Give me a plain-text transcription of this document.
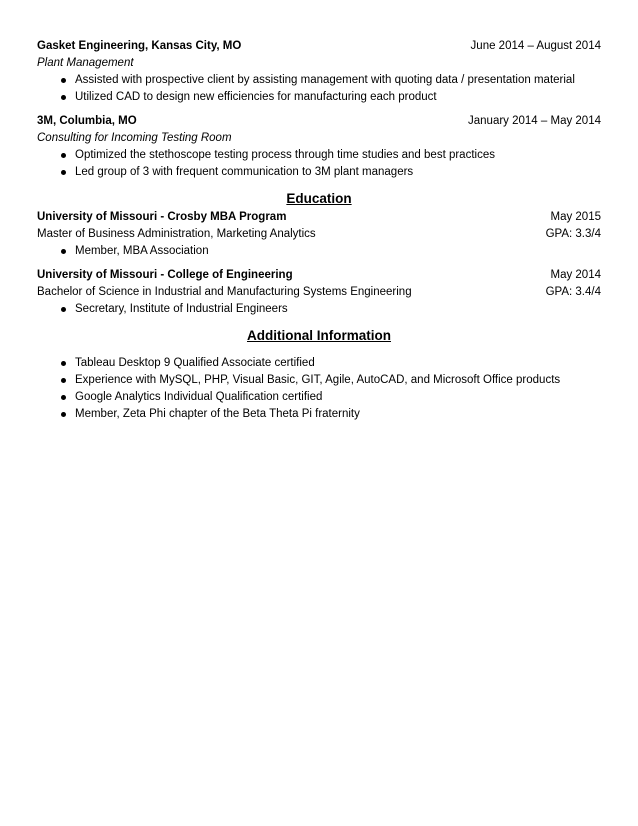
Gasket Engineering, Kansas City, MO	June 2014 – August 2014
Plant Management
Assisted with prospective client by assisting management with quoting data / presentation material
Utilized CAD to design new efficiencies for manufacturing each product
3M, Columbia, MO	January 2014 – May 2014
Consulting for Incoming Testing Room
Optimized the stethoscope testing process through time studies and best practices
Led group of 3 with frequent communication to 3M plant managers
Education
University of Missouri - Crosby MBA Program	May 2015
Master of Business Administration, Marketing Analytics	GPA: 3.3/4
Member, MBA Association
University of Missouri - College of Engineering	May 2014
Bachelor of Science in Industrial and Manufacturing Systems Engineering	GPA: 3.4/4
Secretary, Institute of Industrial Engineers
Additional Information
Tableau Desktop 9 Qualified Associate certified
Experience with MySQL, PHP, Visual Basic, GIT, Agile, AutoCAD, and Microsoft Office products
Google Analytics Individual Qualification certified
Member, Zeta Phi chapter of the Beta Theta Pi fraternity
